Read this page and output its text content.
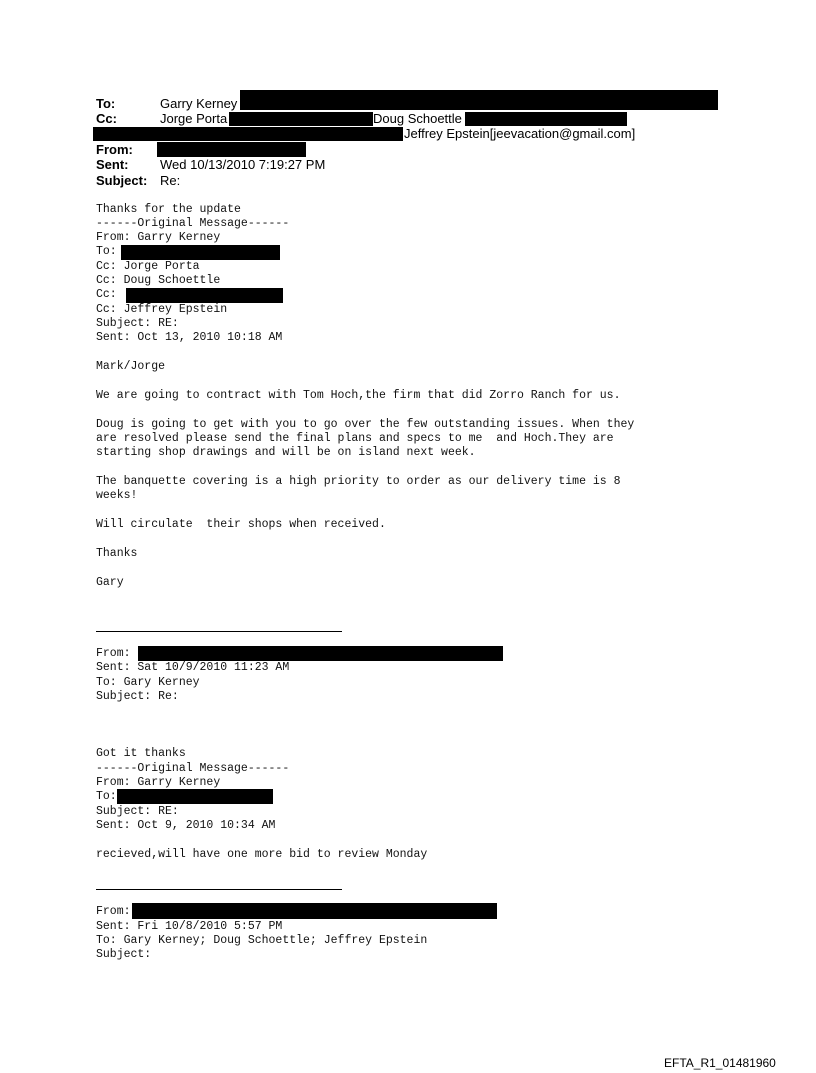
To:	Garry Kerney
Cc:	Jorge Porta	Doug Schoettle
Jeffrey Epstein[jeevacation@gmail.com]
From:
Sent: Wed 10/13/2010 7:19:27 PM
Subject: Re:
Thanks for the update
------Original Message------
From: Garry Kerney
To:
Cc: Jorge Porta
Cc: Doug Schoettle
Cc:
Cc: Jeffrey Epstein
Subject: RE:
Sent: Oct 13, 2010 10:18 AM
Mark/Jorge
We are going to contract with Tom Hoch,the firm that did Zorro Ranch for us.
Doug is going to get with you to go over the few outstanding issues. When they
are resolved please send the final plans and specs to me  and Hoch.They are
starting shop drawings and will be on island next week.
The banquette covering is a high priority to order as our delivery time is 8
weeks!
Will circulate  their shops when received.
Thanks
Gary
From:
Sent: Sat 10/9/2010 11:23 AM
To: Gary Kerney
Subject: Re:
Got it thanks
------Original Message------
From: Garry Kerney
To:
Subject: RE:
Sent: Oct 9, 2010 10:34 AM
recieved,will have one more bid to review Monday
From:
Sent: Fri 10/8/2010 5:57 PM
To: Gary Kerney; Doug Schoettle; Jeffrey Epstein
Subject:
EFTA_R1_01481960
